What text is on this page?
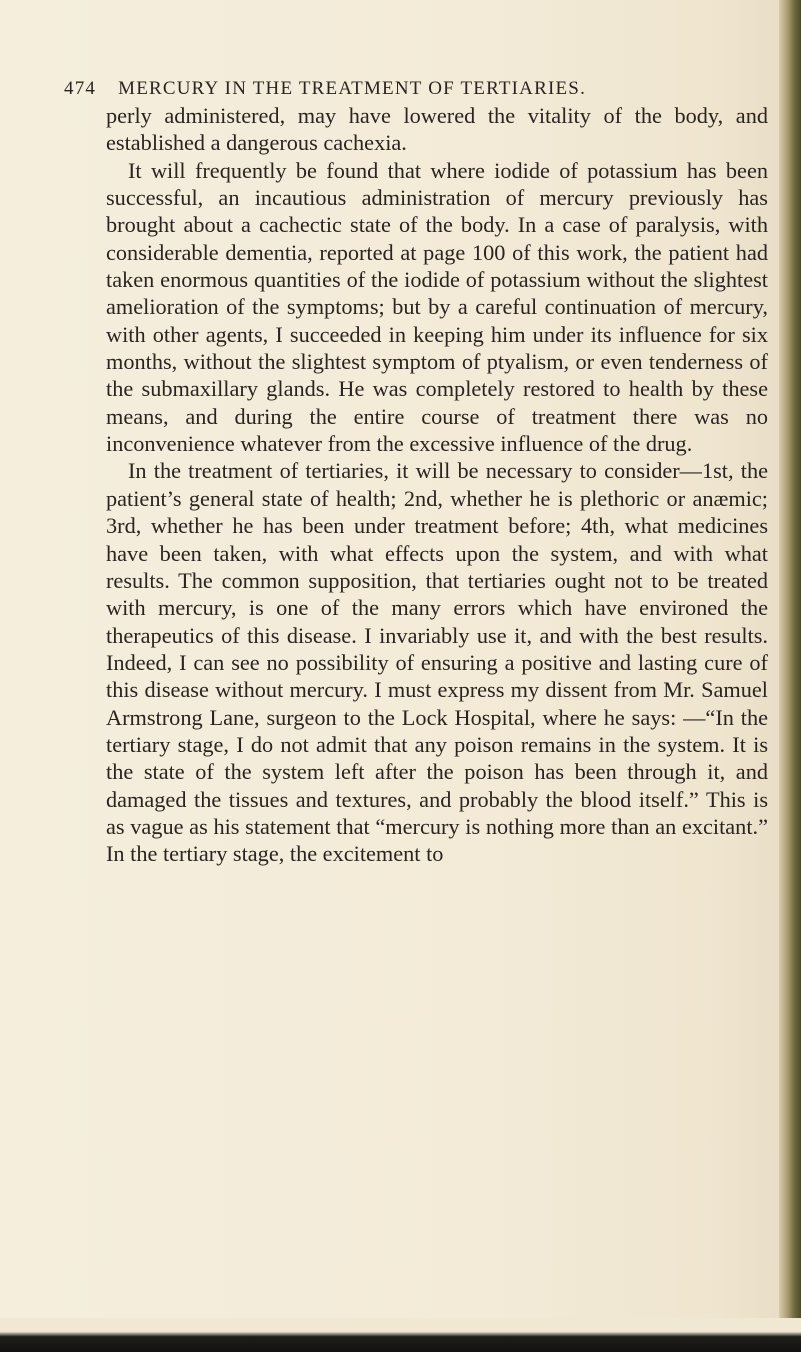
474 MERCURY IN THE TREATMENT OF TERTIARIES.

perly administered, may have lowered the vitality of the body, and established a dangerous cachexia.

It will frequently be found that where iodide of potassium has been successful, an incautious administration of mercury previously has brought about a cachectic state of the body. In a case of paralysis, with considerable dementia, reported at page 100 of this work, the patient had taken enormous quantities of the iodide of potassium without the slightest amelioration of the symptoms; but by a careful continuation of mercury, with other agents, I succeeded in keeping him under its influence for six months, without the slightest symptom of ptyalism, or even tenderness of the submaxillary glands. He was completely restored to health by these means, and during the entire course of treatment there was no inconvenience whatever from the excessive influence of the drug.

In the treatment of tertiaries, it will be necessary to consider—1st, the patient’s general state of health; 2nd, whether he is plethoric or anæmic; 3rd, whether he has been under treatment before; 4th, what medicines have been taken, with what effects upon the system, and with what results. The common supposition, that tertiaries ought not to be treated with mercury, is one of the many errors which have environed the therapeutics of this disease. I invariably use it, and with the best results. Indeed, I can see no possibility of ensuring a positive and lasting cure of this disease without mercury. I must express my dissent from Mr. Samuel Armstrong Lane, surgeon to the Lock Hospital, where he says: —“In the tertiary stage, I do not admit that any poison remains in the system. It is the state of the system left after the poison has been through it, and damaged the tissues and textures, and probably the blood itself.” This is as vague as his statement that “mercury is nothing more than an excitant.” In the tertiary stage, the excitement to
